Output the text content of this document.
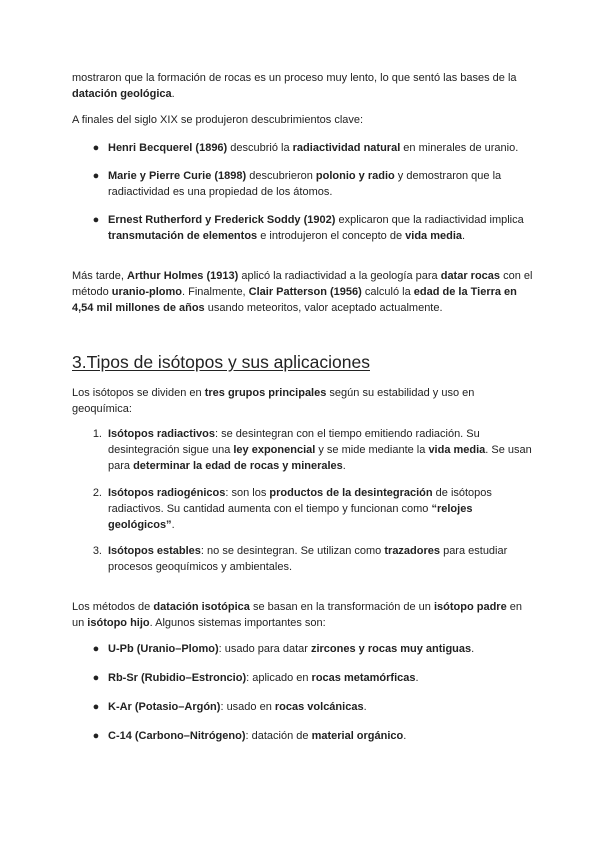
mostraron que la formación de rocas es un proceso muy lento, lo que sentó las bases de la datación geológica.

A finales del siglo XIX se produjeron descubrimientos clave:

● Henri Becquerel (1896) descubrió la radiactividad natural en minerales de uranio.
● Marie y Pierre Curie (1898) descubrieron polonio y radio y demostraron que la radiactividad es una propiedad de los átomos.
● Ernest Rutherford y Frederick Soddy (1902) explicaron que la radiactividad implica transmutación de elementos e introdujeron el concepto de vida media.

Más tarde, Arthur Holmes (1913) aplicó la radiactividad a la geología para datar rocas con el método uranio-plomo. Finalmente, Clair Patterson (1956) calculó la edad de la Tierra en 4,54 mil millones de años usando meteoritos, valor aceptado actualmente.

3.Tipos de isótopos y sus aplicaciones

Los isótopos se dividen en tres grupos principales según su estabilidad y uso en geoquímica:

1. Isótopos radiactivos: se desintegran con el tiempo emitiendo radiación. Su desintegración sigue una ley exponencial y se mide mediante la vida media. Se usan para determinar la edad de rocas y minerales.
2. Isótopos radiogénicos: son los productos de la desintegración de isótopos radiactivos. Su cantidad aumenta con el tiempo y funcionan como “relojes geológicos”.
3. Isótopos estables: no se desintegran. Se utilizan como trazadores para estudiar procesos geoquímicos y ambientales.

Los métodos de datación isotópica se basan en la transformación de un isótopo padre en un isótopo hijo. Algunos sistemas importantes son:

● U-Pb (Uranio–Plomo): usado para datar zircones y rocas muy antiguas.
● Rb-Sr (Rubidio–Estroncio): aplicado en rocas metamórficas.
● K-Ar (Potasio–Argón): usado en rocas volcánicas.
● C-14 (Carbono–Nitrógeno): datación de material orgánico.
